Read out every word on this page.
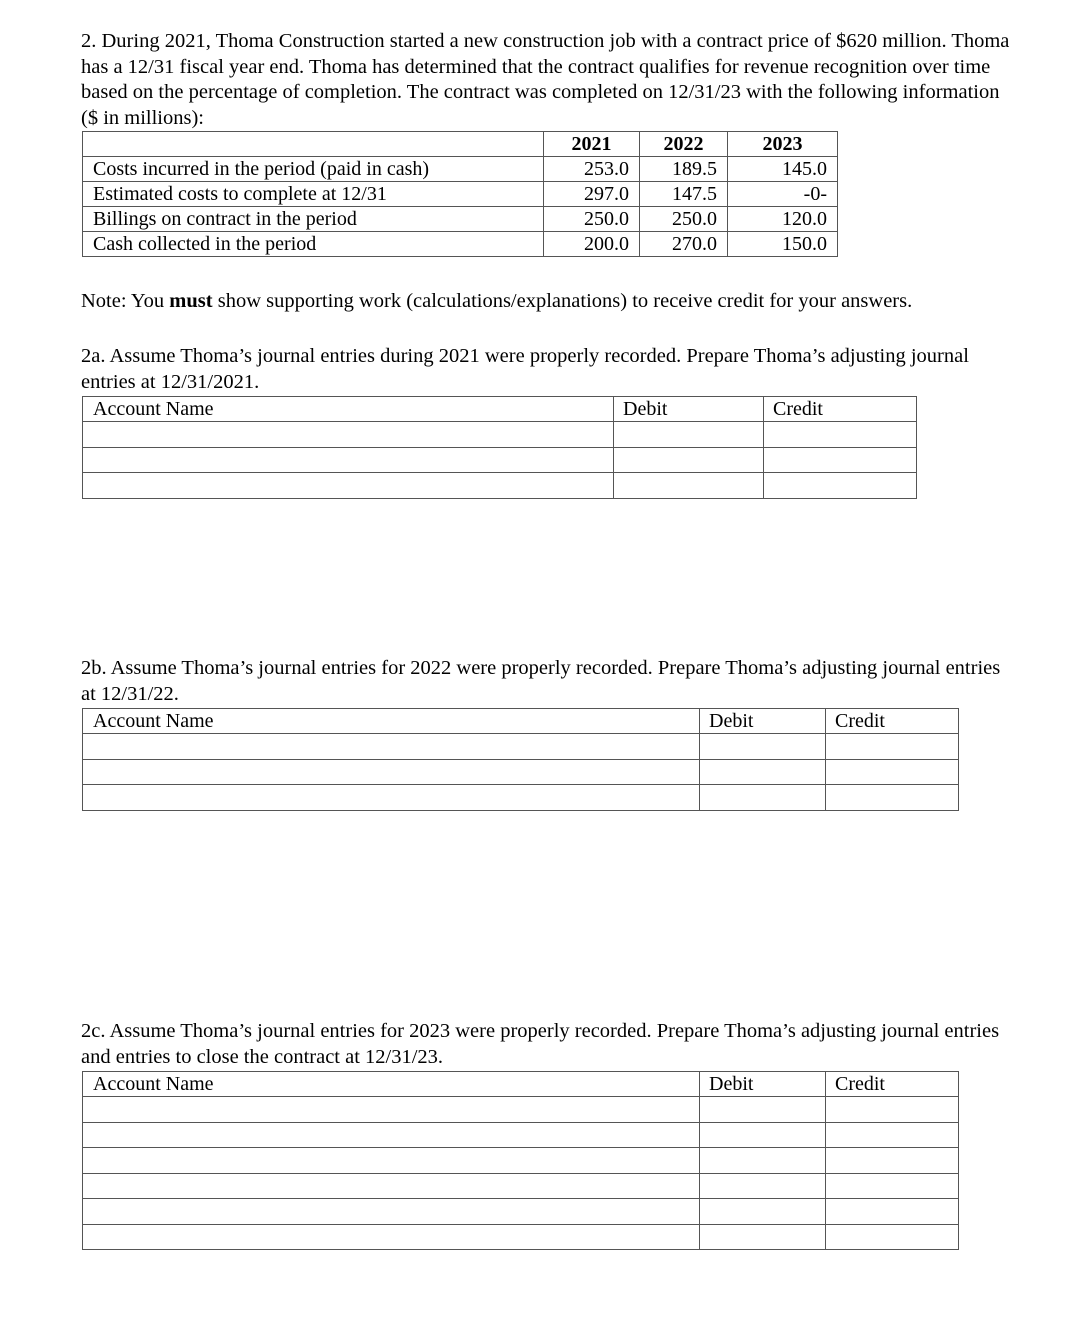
2. During 2021, Thoma Construction started a new construction job with a contract price of $620 million. Thoma has a 12/31 fiscal year end. Thoma has determined that the contract qualifies for revenue recognition over time based on the percentage of completion. The contract was completed on 12/31/23 with the following information ($ in millions):

	2021	2022	2023
Costs incurred in the period (paid in cash)	253.0	189.5	145.0
Estimated costs to complete at 12/31	297.0	147.5	-0-
Billings on contract in the period	250.0	250.0	120.0
Cash collected in the period	200.0	270.0	150.0

Note: You must show supporting work (calculations/explanations) to receive credit for your answers.

2a. Assume Thoma’s journal entries during 2021 were properly recorded. Prepare Thoma’s adjusting journal entries at 12/31/2021.

Account Name	Debit	Credit

2b. Assume Thoma’s journal entries for 2022 were properly recorded. Prepare Thoma’s adjusting journal entries at 12/31/22.

Account Name	Debit	Credit

2c. Assume Thoma’s journal entries for 2023 were properly recorded. Prepare Thoma’s adjusting journal entries and entries to close the contract at 12/31/23.

Account Name	Debit	Credit
